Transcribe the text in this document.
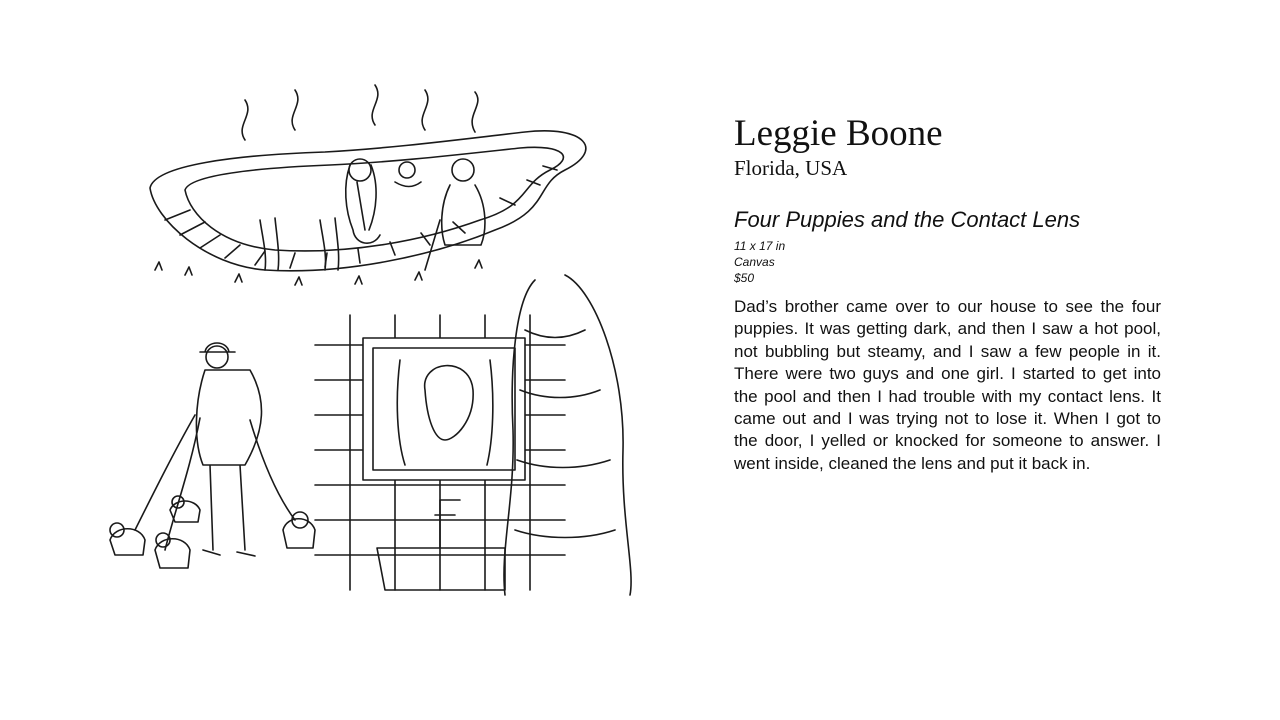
Leggie Boone

Florida, USA

Four Puppies and the Contact Lens

11 x 17 in

Canvas

$50

Dad’s brother came over to our house to see the four puppies. It was getting dark, and then I saw a hot pool, not bubbling but steamy, and I saw a few people in it. There were two guys and one girl. I started to get into the pool and then I had trouble with my contact lens. It came out and I was trying not to lose it. When I got to the door, I yelled or knocked for someone to answer. I went inside, cleaned the lens and put it back in.
